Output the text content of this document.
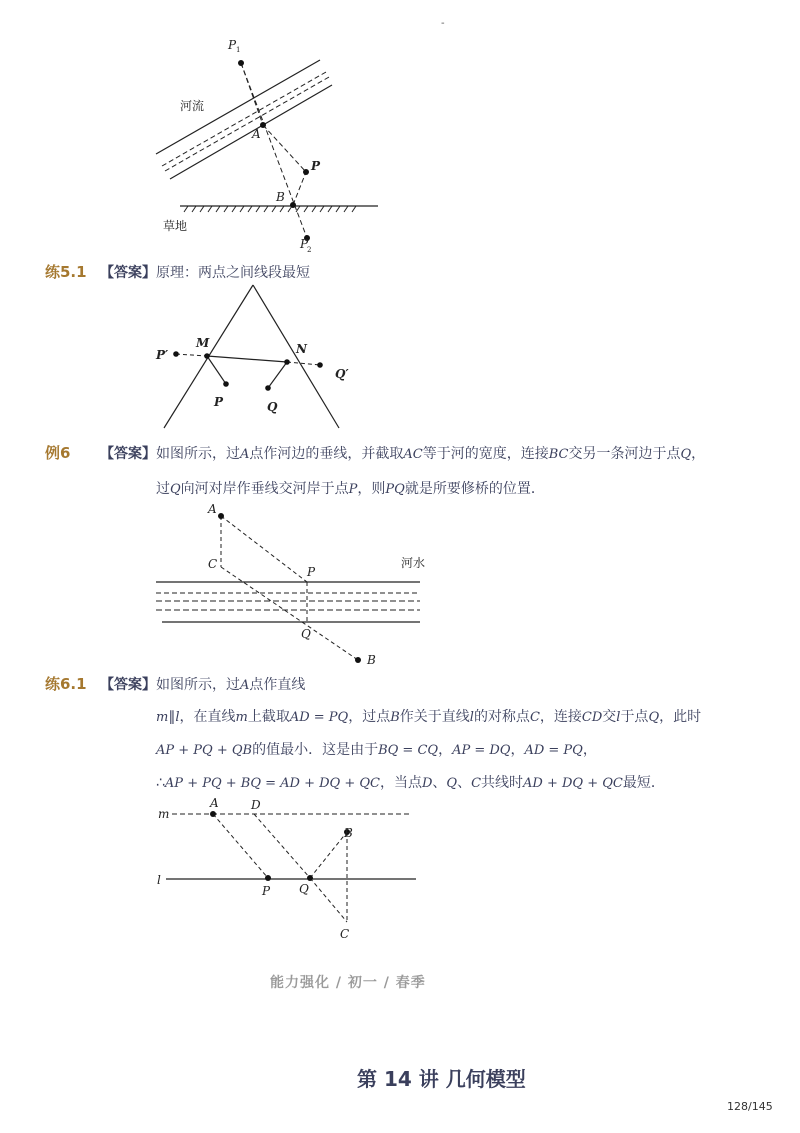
-
P 1
河流
A
P
B
草地
P
2
练5.1 【答案】 原理：两点之间线段最短
M	N
P′
Q′
P	Q
例6 【答案】 如图所示，过A点作河边的垂线，并截取AC等于河的宽度，连接BC交另一条河边于点Q，
过Q向河对岸作垂线交河岸于点P，则PQ就是所要修桥的位置．
A
C
P
Q
B
河水
练6.1 【答案】 如图所示，过A点作直线
m∥l，在直线m上截取AD = PQ，过点B作关于直线l的对称点C，连接CD交l于点Q，此时
AP + PQ + QB的值最小．这是由于BQ = CQ，AP = DQ，AD = PQ，
∴AP + PQ + BQ = AD + DQ + QC，当点D、Q、C共线时AD + DQ + QC最短．
m
A	D
B
l
P Q
C
能力强化 / 初一 / 春季
第 14 讲 几何模型
128/145
